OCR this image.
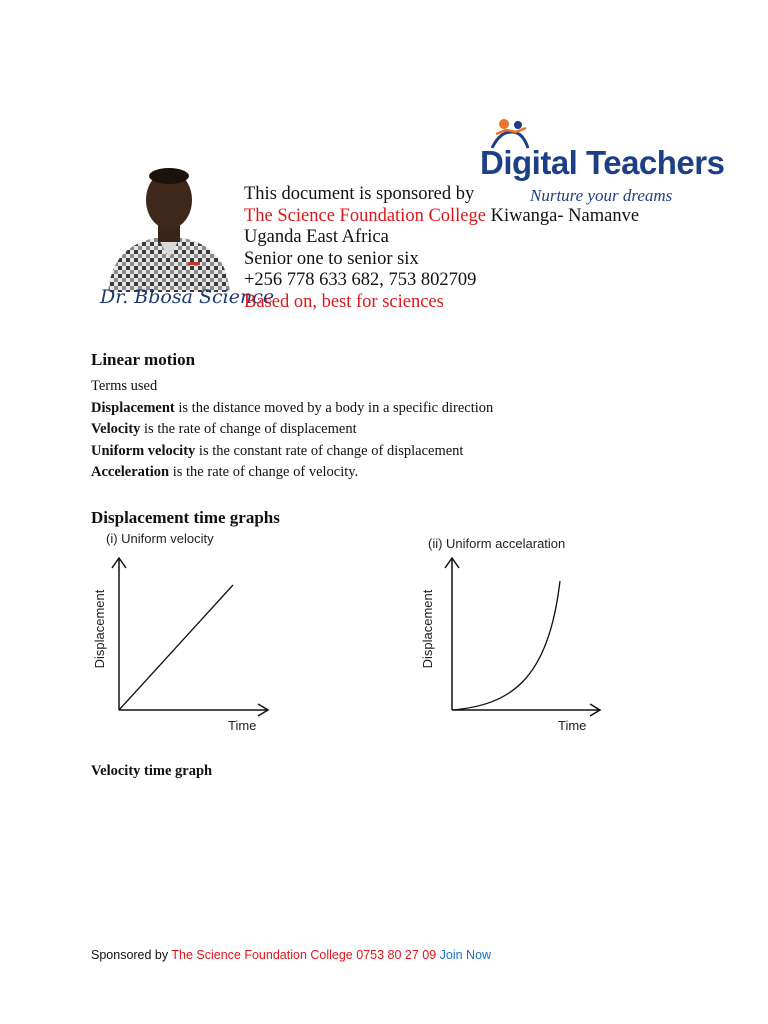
Dr. Bbosa Science
Digital Teachers
Nurture your dreams
This document is sponsored by
The Science Foundation College Kiwanga- Namanve
Uganda East Africa
Senior one to senior six
+256 778 633 682, 753 802709
Based on, best for sciences
Linear motion
Terms used
Displacement is the distance moved by a body in a specific direction
Velocity is the rate of change of displacement
Uniform velocity is the constant rate of change of displacement
Acceleration is the rate of change of velocity.
Displacement time graphs
(i) Uniform velocity
Displacement
Time
(ii) Uniform accelaration
Displacement
Time
Velocity time graph
Sponsored by The Science Foundation College 0753 80 27 09 Join Now
